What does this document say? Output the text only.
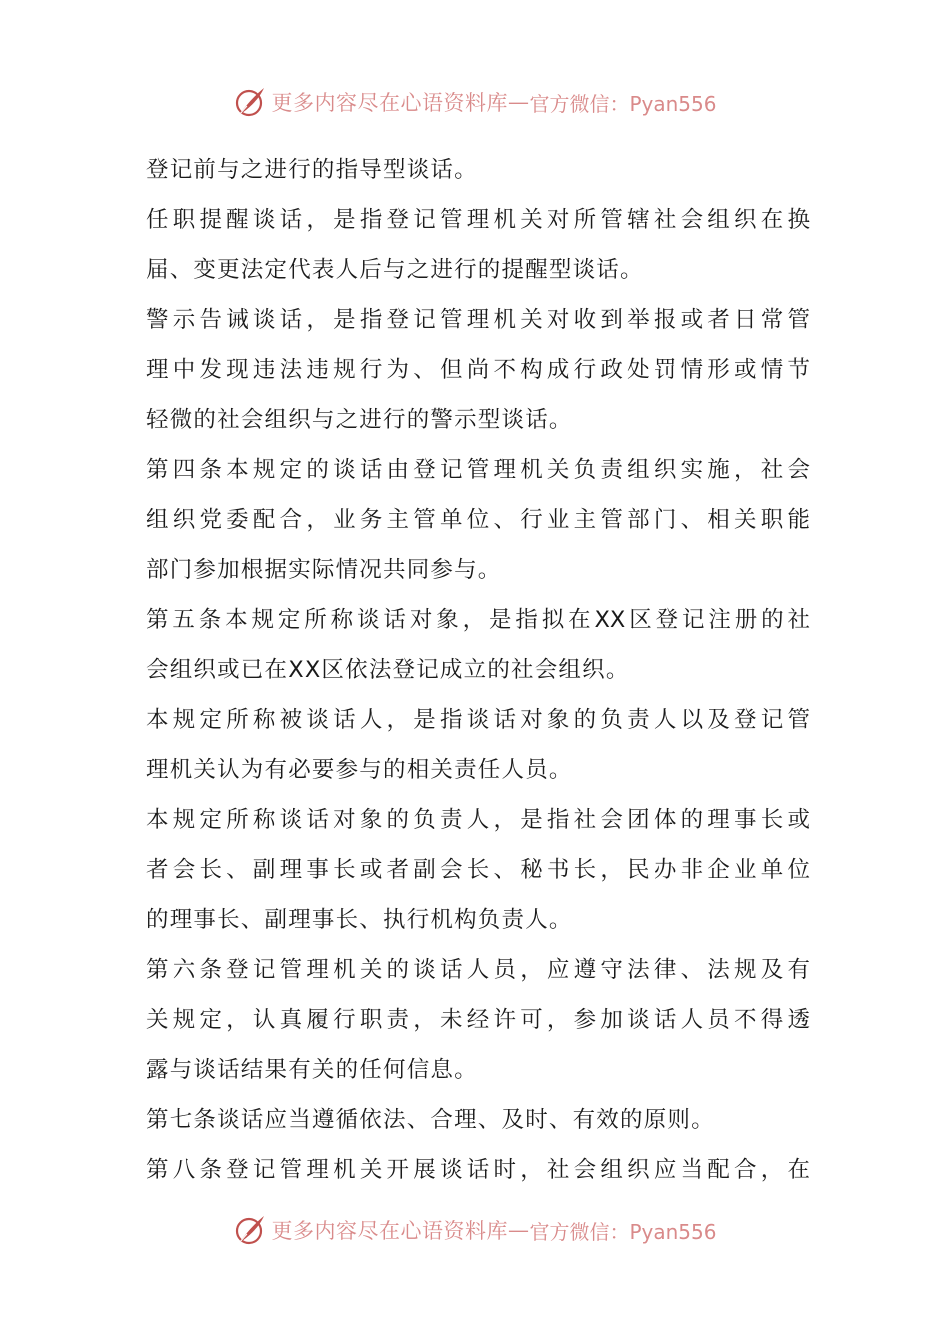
更多内容尽在心语资料库 — 官方微信：Pyan556
登记前与之进行的指导型谈话。
任职提醒谈话，是指登记管理机关对所管辖社会组织在换
届、变更法定代表人后与之进行的提醒型谈话。
警示告诫谈话，是指登记管理机关对收到举报或者日常管
理中发现违法违规行为、但尚不构成行政处罚情形或情节
轻微的社会组织与之进行的警示型谈话。
第四条本规定的谈话由登记管理机关负责组织实施，社会
组织党委配合，业务主管单位、行业主管部门、相关职能
部门参加根据实际情况共同参与。
第五条本规定所称谈话对象，是指拟在XX区登记注册的社
会组织或已在XX区依法登记成立的社会组织。
本规定所称被谈话人，是指谈话对象的负责人以及登记管
理机关认为有必要参与的相关责任人员。
本规定所称谈话对象的负责人，是指社会团体的理事长或
者会长、副理事长或者副会长、秘书长，民办非企业单位
的理事长、副理事长、执行机构负责人。
第六条登记管理机关的谈话人员，应遵守法律、法规及有
关规定，认真履行职责，未经许可，参加谈话人员不得透
露与谈话结果有关的任何信息。
第七条谈话应当遵循依法、合理、及时、有效的原则。
第八条登记管理机关开展谈话时，社会组织应当配合，在
更多内容尽在心语资料库 — 官方微信：Pyan556
